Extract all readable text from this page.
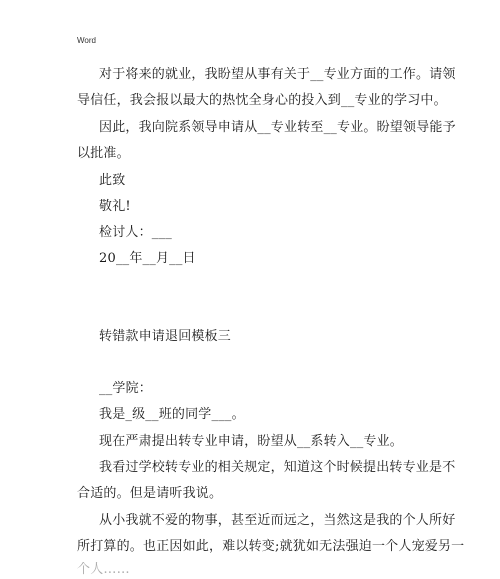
Word
对于将来的就业，我盼望从事有关于__专业方面的工作。请领
导信任，我会报以最大的热忱全身心的投入到__专业的学习中。
因此，我向院系领导申请从__专业转至__专业。盼望领导能予
以批准。
此致
敬礼!
检讨人：___
20__年__月__日
转错款申请退回模板三
__学院：
我是_级__班的同学___。
现在严肃提出转专业申请，盼望从__系转入__专业。
我看过学校转专业的相关规定，知道这个时候提出转专业是不
合适的。但是请听我说。
从小我就不爱的物事，甚至近而远之，当然这是我的个人所好
所打算的。也正因如此，难以转变;就犹如无法强迫一个人宠爱另一
个人……
